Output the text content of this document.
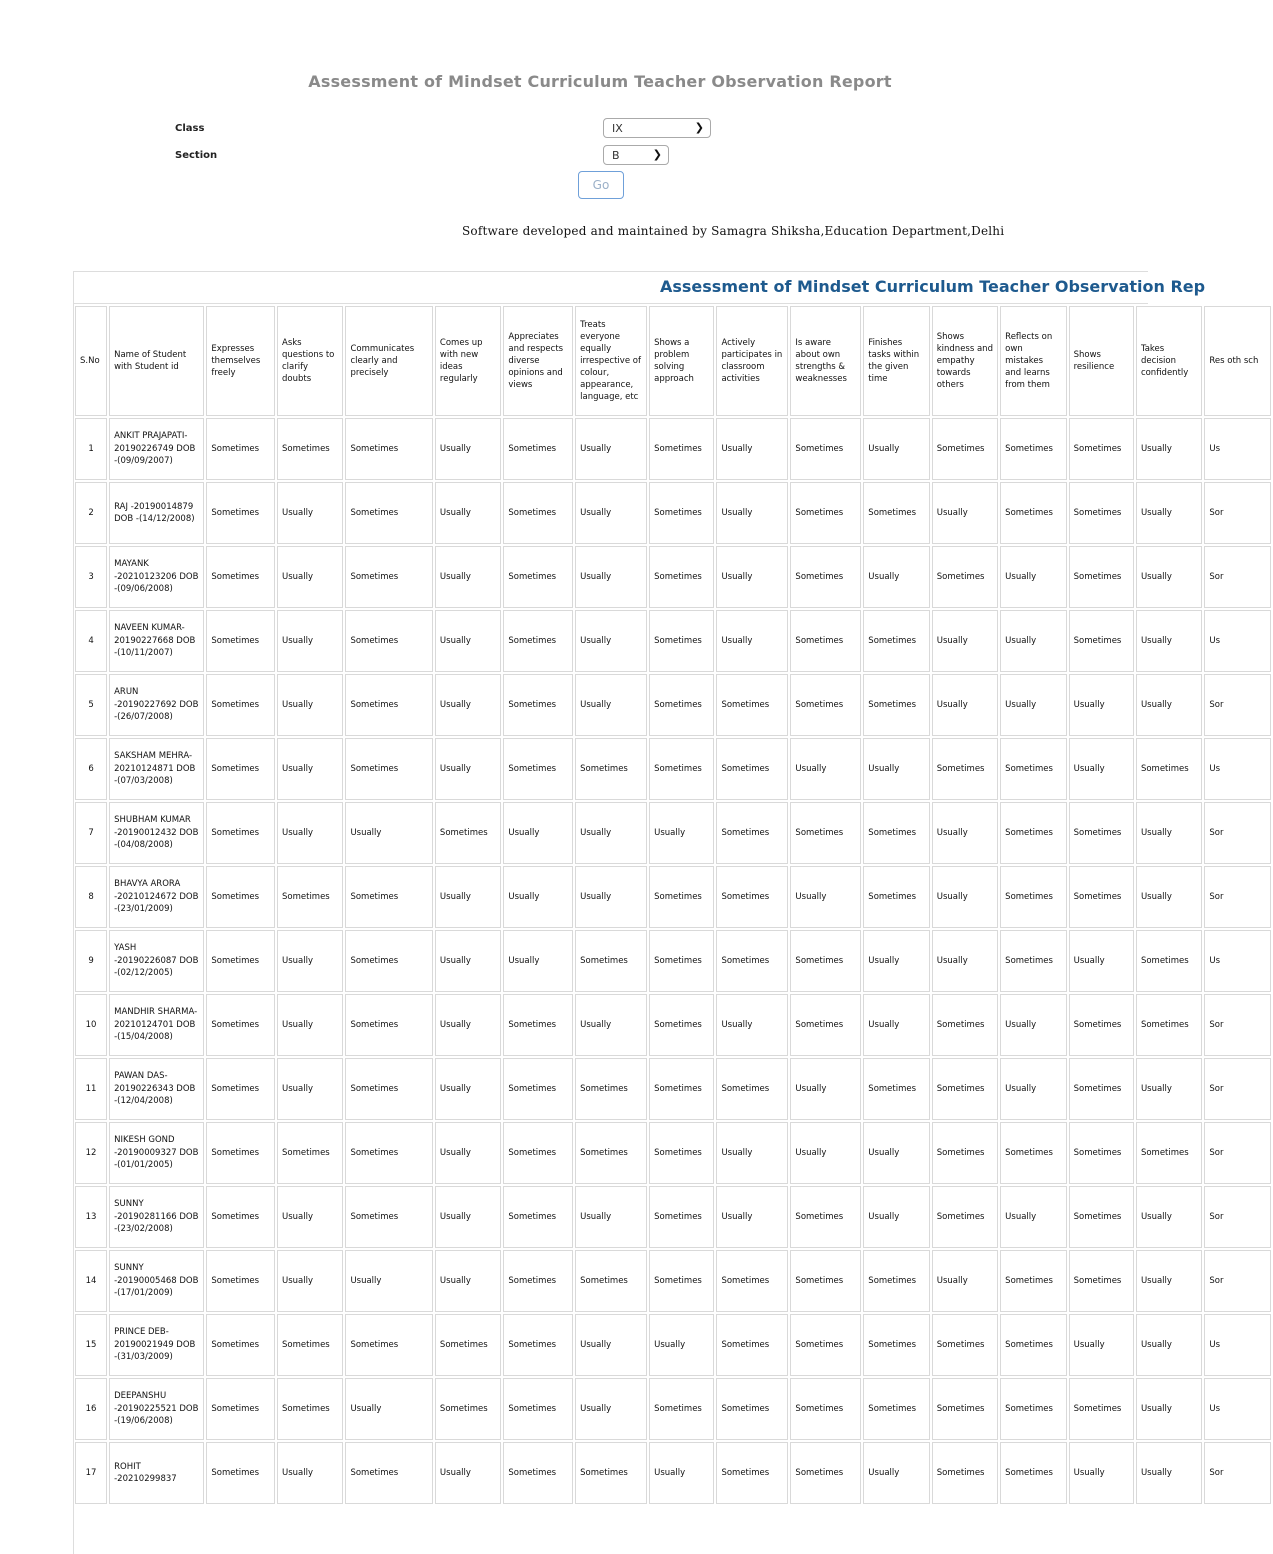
Assessment of Mindset Curriculum Teacher Observation Report
Class	IX	❯
Section	B	❯
Go
Software developed and maintained by Samagra Shiksha,Education Department,Delhi
Assessment of Mindset Curriculum Teacher Observation Rep
S.No	Name of Student with Student id	Expresses themselves freely	Asks questions to clarify doubts	Communicates clearly and precisely	Comes up with new ideas regularly	Appreciates and respects diverse opinions and views	Treats everyone equally irrespective of colour, appearance, language, etc	Shows a problem solving approach	Actively participates in classroom activities	Is aware about own strengths & weaknesses	Finishes tasks within the given time	Shows kindness and empathy towards others	Reflects on own mistakes and learns from them	Shows resilience	Takes decision confidently	Res oth sch
1	ANKIT PRAJAPATI-20190226749 DOB -(09/09/2007)	Sometimes	Sometimes	Sometimes	Usually	Sometimes	Usually	Sometimes	Usually	Sometimes	Usually	Sometimes	Sometimes	Sometimes	Usually	Us
2	RAJ -20190014879 DOB -(14/12/2008)	Sometimes	Usually	Sometimes	Usually	Sometimes	Usually	Sometimes	Usually	Sometimes	Sometimes	Usually	Sometimes	Sometimes	Usually	Sor
3	MAYANK -20210123206 DOB -(09/06/2008)	Sometimes	Usually	Sometimes	Usually	Sometimes	Usually	Sometimes	Usually	Sometimes	Usually	Sometimes	Usually	Sometimes	Usually	Sor
4	NAVEEN KUMAR-20190227668 DOB -(10/11/2007)	Sometimes	Usually	Sometimes	Usually	Sometimes	Usually	Sometimes	Usually	Sometimes	Sometimes	Usually	Usually	Sometimes	Usually	Us
5	ARUN -20190227692 DOB -(26/07/2008)	Sometimes	Usually	Sometimes	Usually	Sometimes	Usually	Sometimes	Sometimes	Sometimes	Sometimes	Usually	Usually	Usually	Usually	Sor
6	SAKSHAM MEHRA-20210124871 DOB -(07/03/2008)	Sometimes	Usually	Sometimes	Usually	Sometimes	Sometimes	Sometimes	Sometimes	Usually	Usually	Sometimes	Sometimes	Usually	Sometimes	Us
7	SHUBHAM KUMAR -20190012432 DOB -(04/08/2008)	Sometimes	Usually	Usually	Sometimes	Usually	Usually	Usually	Sometimes	Sometimes	Sometimes	Usually	Sometimes	Sometimes	Usually	Sor
8	BHAVYA ARORA -20210124672 DOB -(23/01/2009)	Sometimes	Sometimes	Sometimes	Usually	Usually	Usually	Sometimes	Sometimes	Usually	Sometimes	Usually	Sometimes	Sometimes	Usually	Sor
9	YASH -20190226087 DOB -(02/12/2005)	Sometimes	Usually	Sometimes	Usually	Usually	Sometimes	Sometimes	Sometimes	Sometimes	Usually	Usually	Sometimes	Usually	Sometimes	Us
10	MANDHIR SHARMA-20210124701 DOB -(15/04/2008)	Sometimes	Usually	Sometimes	Usually	Sometimes	Usually	Sometimes	Usually	Sometimes	Usually	Sometimes	Usually	Sometimes	Sometimes	Sor
11	PAWAN DAS-20190226343 DOB -(12/04/2008)	Sometimes	Usually	Sometimes	Usually	Sometimes	Sometimes	Sometimes	Sometimes	Usually	Sometimes	Sometimes	Usually	Sometimes	Usually	Sor
12	NIKESH GOND -20190009327 DOB -(01/01/2005)	Sometimes	Sometimes	Sometimes	Usually	Sometimes	Sometimes	Sometimes	Usually	Usually	Usually	Sometimes	Sometimes	Sometimes	Sometimes	Sor
13	SUNNY -20190281166 DOB -(23/02/2008)	Sometimes	Usually	Sometimes	Usually	Sometimes	Usually	Sometimes	Usually	Sometimes	Usually	Sometimes	Usually	Sometimes	Usually	Sor
14	SUNNY -20190005468 DOB -(17/01/2009)	Sometimes	Usually	Usually	Usually	Sometimes	Sometimes	Sometimes	Sometimes	Sometimes	Sometimes	Usually	Sometimes	Sometimes	Usually	Sor
15	PRINCE DEB-20190021949 DOB -(31/03/2009)	Sometimes	Sometimes	Sometimes	Sometimes	Sometimes	Usually	Usually	Sometimes	Sometimes	Sometimes	Sometimes	Sometimes	Usually	Usually	Us
16	DEEPANSHU -20190225521 DOB -(19/06/2008)	Sometimes	Sometimes	Usually	Sometimes	Sometimes	Usually	Sometimes	Sometimes	Sometimes	Sometimes	Sometimes	Sometimes	Sometimes	Usually	Us
17	ROHIT -20210299837	Sometimes	Usually	Sometimes	Usually	Sometimes	Sometimes	Usually	Sometimes	Sometimes	Usually	Sometimes	Sometimes	Usually	Usually	Sor
